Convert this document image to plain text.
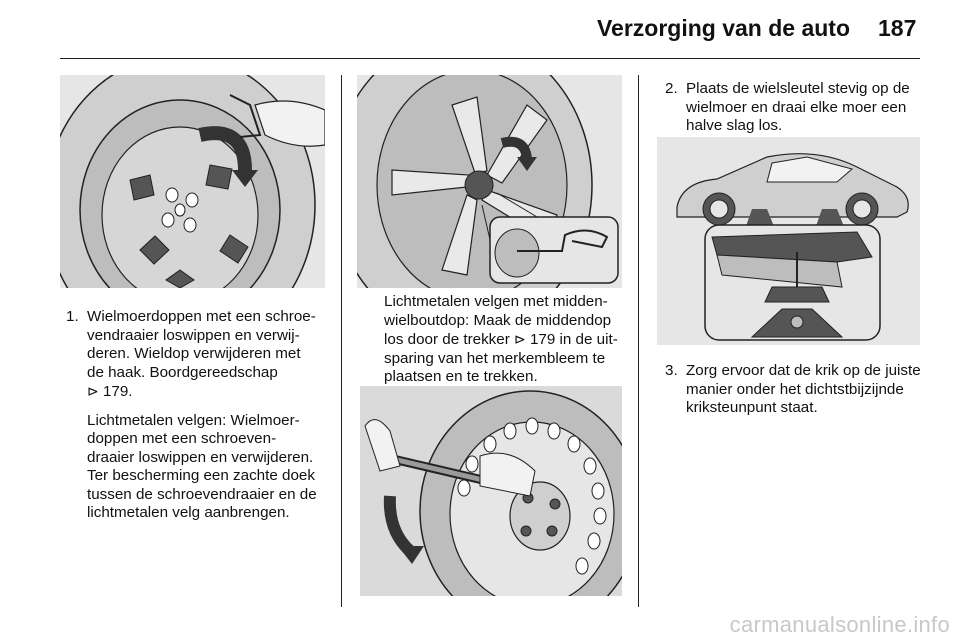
Verzorging van de auto 187
1. Wielmoerdoppen met een schroe-

vendraaier loswippen en verwij-

deren. Wieldop verwijderen met

de haak. Boordgereedschap

⊳ 179.

Lichtmetalen velgen: Wielmoer-

doppen met een schroeven-

draaier loswippen en verwijderen.

Ter bescherming een zachte doek

tussen de schroevendraaier en de

lichtmetalen velg aanbrengen.

Lichtmetalen velgen met midden-

wielboutdop: Maak de middendop

los door de trekker ⊳ 179 in de uit-

sparing van het merkembleem te

plaatsen en te trekken.

2. Plaats de wielsleutel stevig op de

wielmoer en draai elke moer een

halve slag los.

3. Zorg ervoor dat de krik op de juiste

manier onder het dichtstbijzijnde

kriksteunpunt staat.

carmanualsonline.info
